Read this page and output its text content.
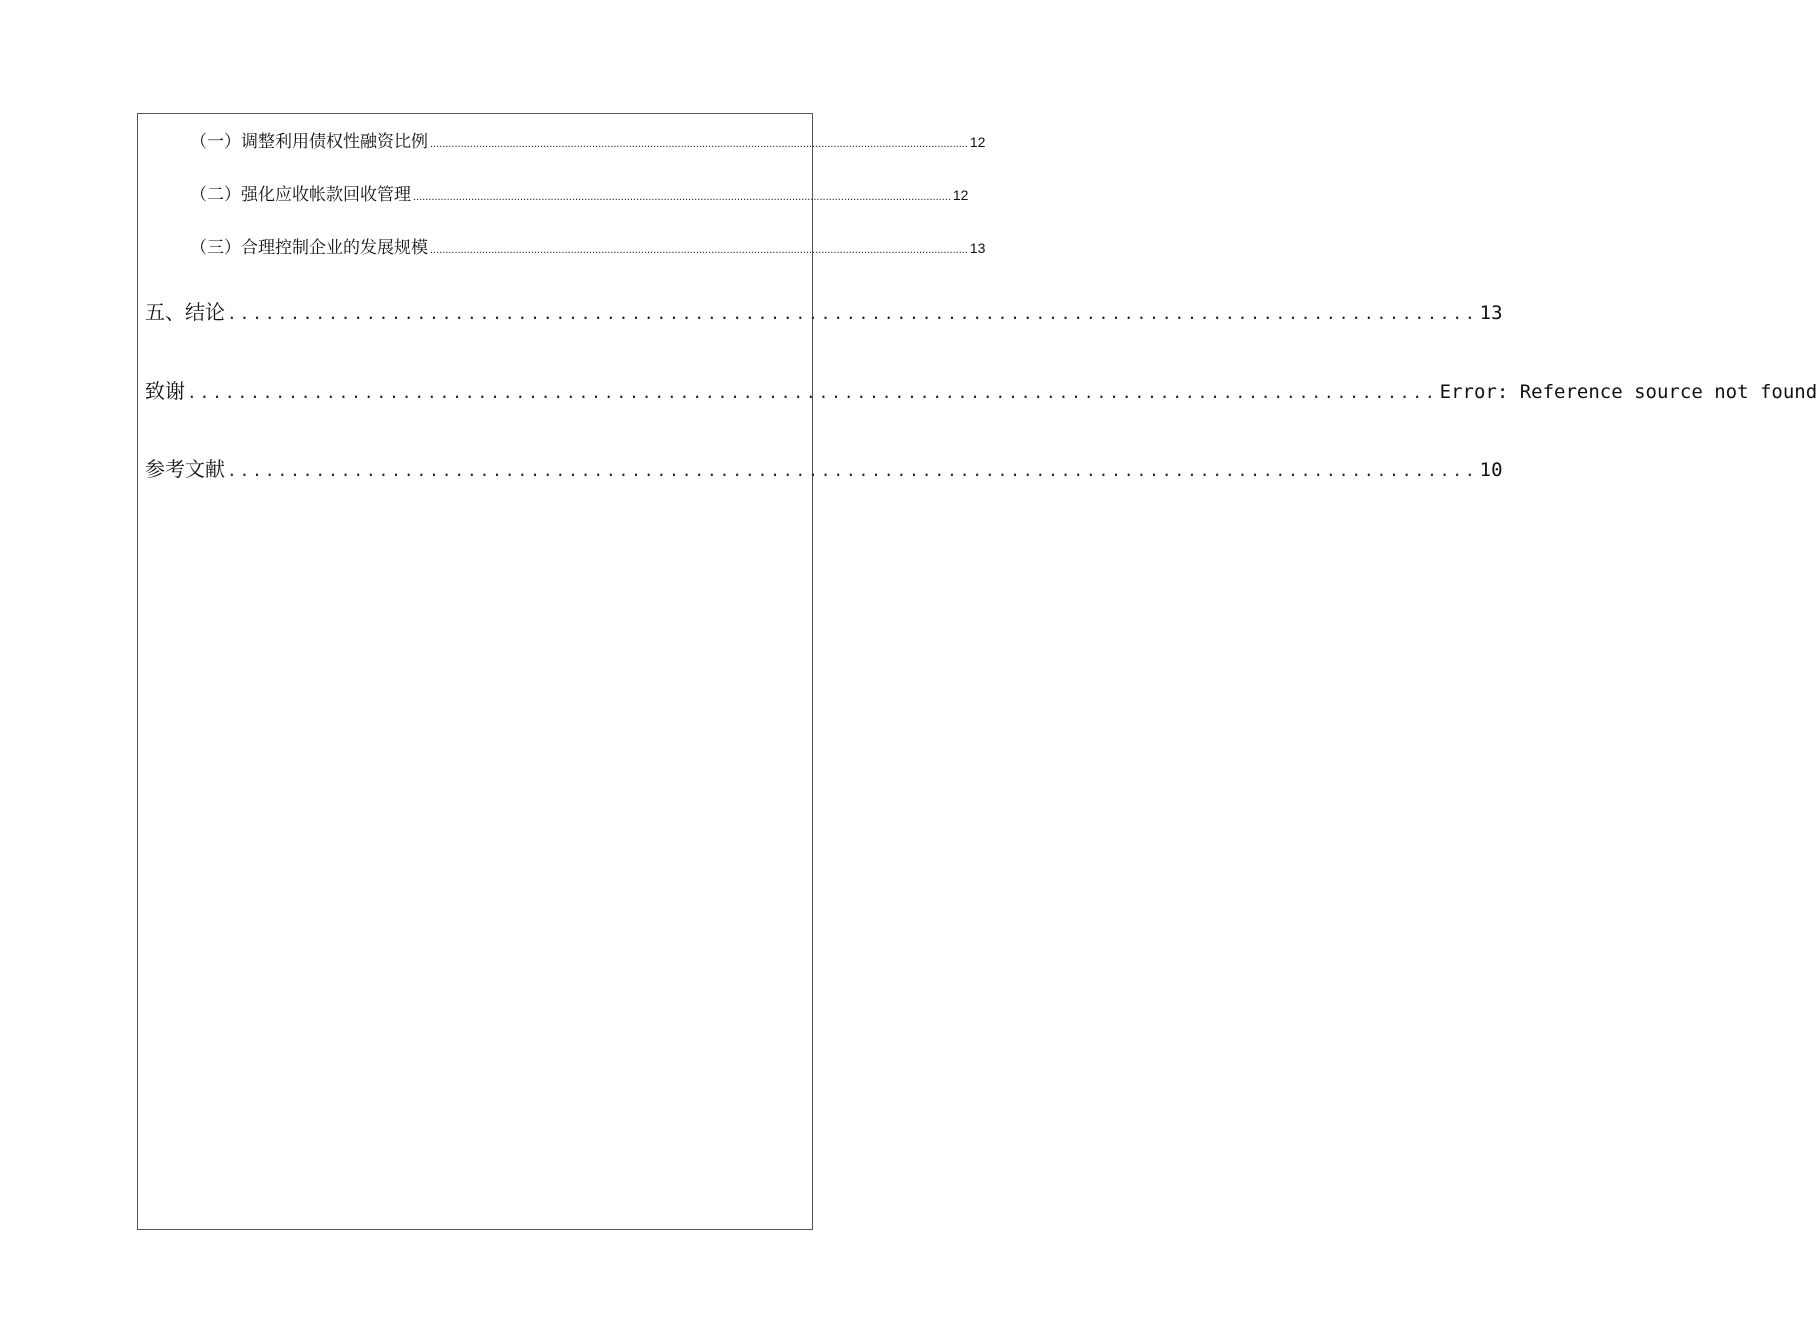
（一）调整利用债权性融资比例 ................................................................................................................................................................................ 12
（二）强化应收帐款回收管理 ................................................................................................................................................................................ 12
（三）合理控制企业的发展规模 ................................................................................................................................................................................ 13
五、结论 ................................................................................................... 13
致谢 ................................................................................................... Error: Reference source not found
参考文献 ................................................................................................... 10
